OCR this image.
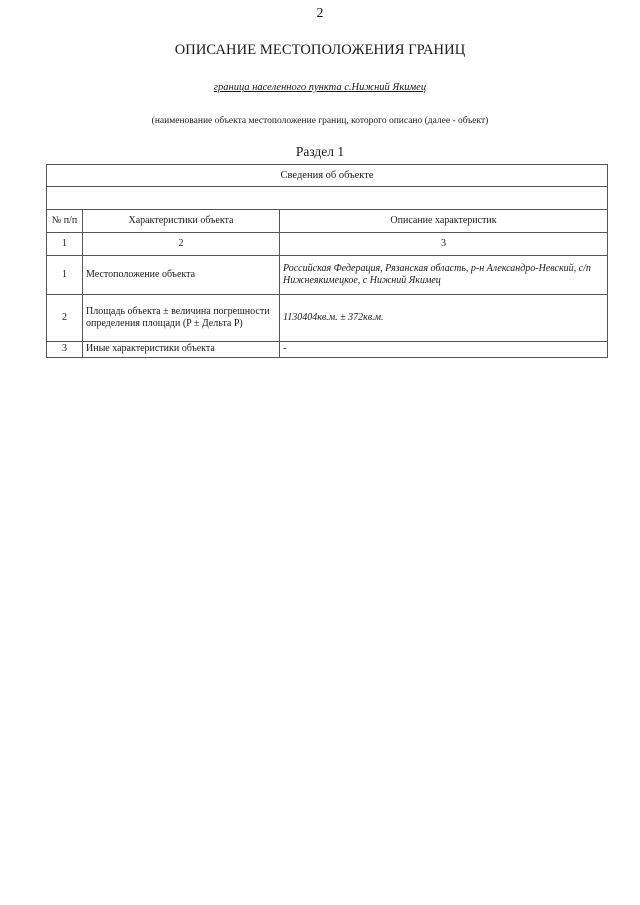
2
ОПИСАНИЕ МЕСТОПОЛОЖЕНИЯ ГРАНИЦ
граница населенного пункта с.Нижний Якимец
(наименование объекта местоположение границ, которого описано (далее - объект)
Раздел 1
Сведения об объекте		

№ п/п	Характеристики объекта	Описание характеристик
1	2	3
1	Местоположение объекта	Российская Федерация, Рязанская область, р-н Александро-Невский, с/п Нижнеякимецкое, с Нижний Якимец
2	Площадь объекта ± величина погрешности определения площади (P ± Дельта P)	1130404кв.м. ± 372кв.м.
3	Иные характеристики объекта	-
